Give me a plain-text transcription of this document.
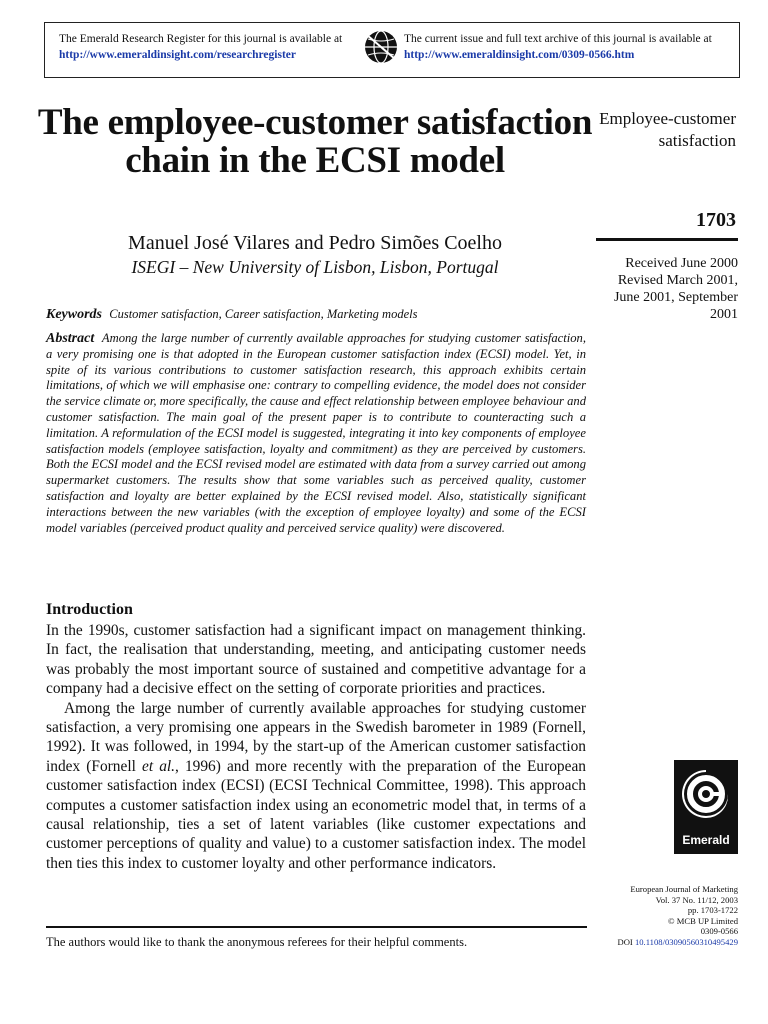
The Emerald Research Register for this journal is available at
http://www.emeraldinsight.com/researchregister
The current issue and full text archive of this journal is available at
http://www.emeraldinsight.com/0309-0566.htm
The employee-customer satisfaction chain in the ECSI model
Manuel José Vilares and Pedro Simões Coelho
ISEGI – New University of Lisbon, Lisbon, Portugal
Employee-customer satisfaction
1703
Received June 2000 Revised March 2001, June 2001, September 2001
Keywords Customer satisfaction, Career satisfaction, Marketing models
Abstract Among the large number of currently available approaches for studying customer satisfaction, a very promising one is that adopted in the European customer satisfaction index (ECSI) model. Yet, in spite of its various contributions to customer satisfaction research, this approach exhibits certain limitations, of which we will emphasise one: contrary to compelling evidence, the model does not consider the service climate or, more specifically, the cause and effect relationship between employee behaviour and customer satisfaction. The main goal of the present paper is to contribute to counteracting such a limitation. A reformulation of the ECSI model is suggested, integrating it into key components of employee satisfaction models (employee satisfaction, loyalty and commitment) as they are perceived by customers. Both the ECSI model and the ECSI revised model are estimated with data from a survey carried out among supermarket customers. The results show that some variables such as perceived quality, customer satisfaction and loyalty are better explained by the ECSI revised model. Also, statistically significant interactions between the new variables (with the exception of employee loyalty) and some of the ECSI model variables (perceived product quality and perceived service quality) were discovered.
Introduction

In the 1990s, customer satisfaction had a significant impact on management thinking. In fact, the realisation that understanding, meeting, and anticipating customer needs was probably the most important source of sustained and competitive advantage for a company had a decisive effect on the setting of corporate priorities and practices.

Among the large number of currently available approaches for studying customer satisfaction, a very promising one appears in the Swedish barometer in 1989 (Fornell, 1992). It was followed, in 1994, by the start-up of the American customer satisfaction index (Fornell et al., 1996) and more recently with the preparation of the European customer satisfaction index (ECSI) (ECSI Technical Committee, 1998). This approach computes a customer satisfaction index using an econometric model that, in terms of a causal relationship, ties a set of latent variables (like customer expectations and customer perceptions of quality and value) to a customer satisfaction index. The model then ties this index to customer loyalty and other performance indicators.

The authors would like to thank the anonymous referees for their helpful comments.
Emerald
European Journal of Marketing
Vol. 37 No. 11/12, 2003
pp. 1703-1722
© MCB UP Limited
0309-0566
DOI 10.1108/03090560310495429
